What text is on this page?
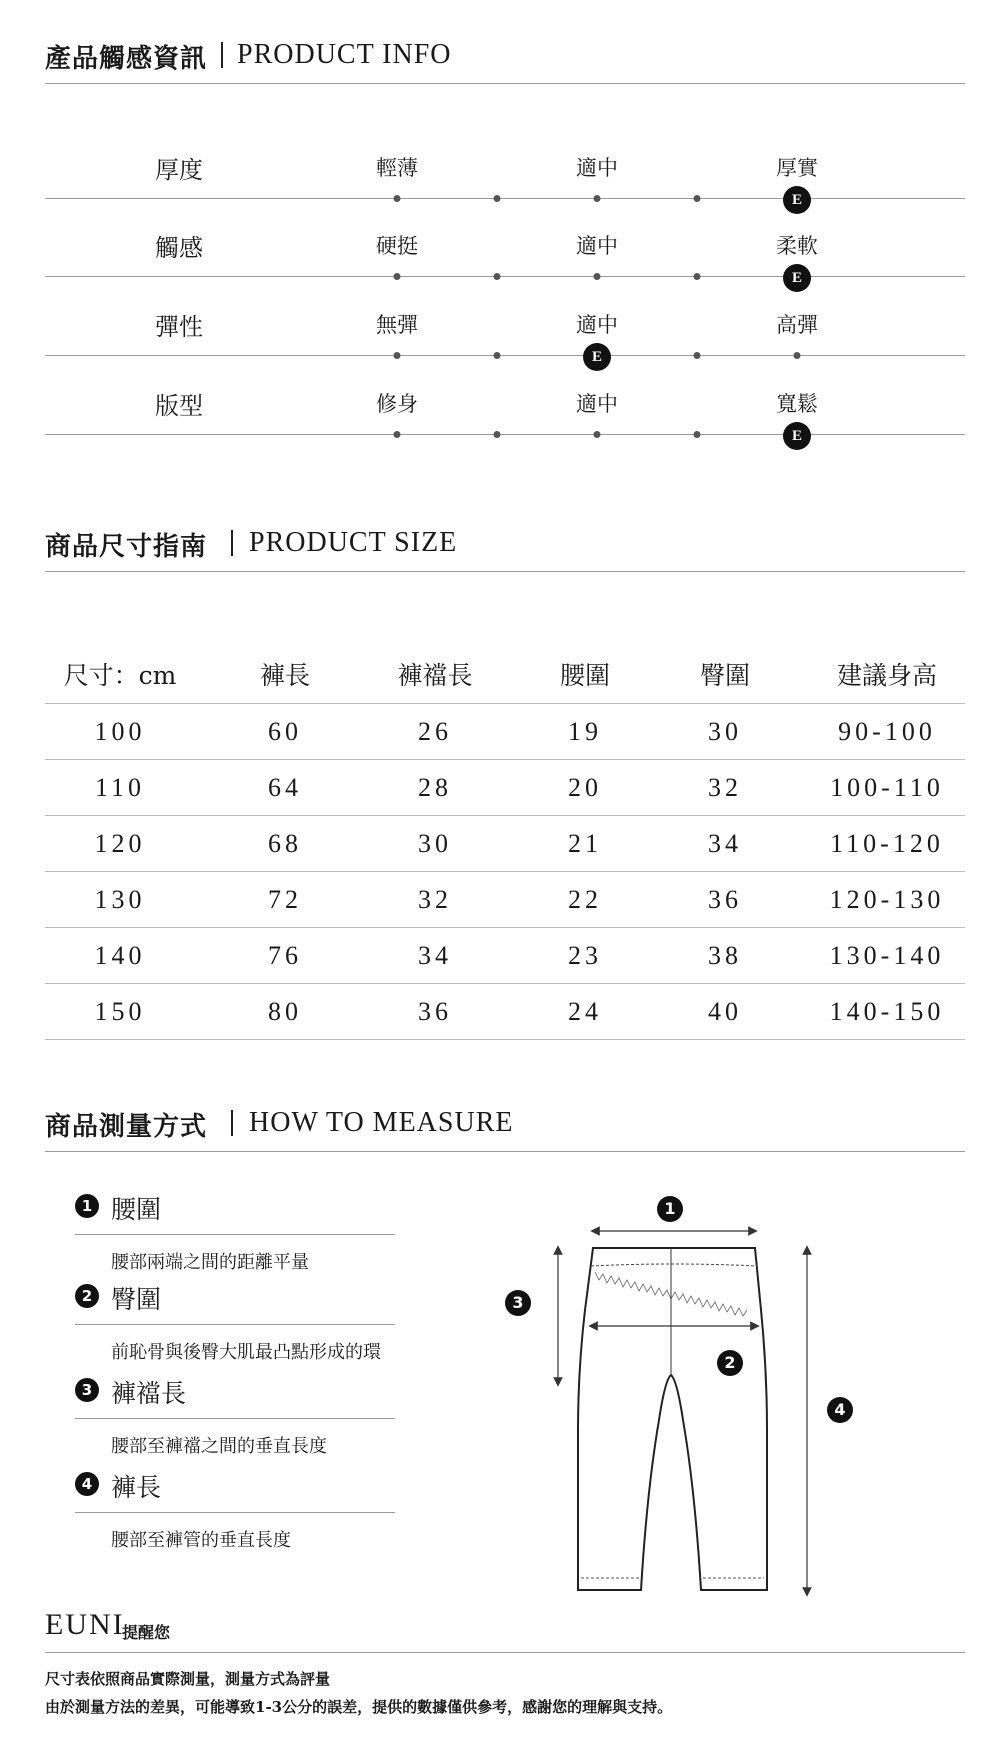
產品觸感資訊 PRODUCT INFO
厚度	輕薄	適中	厚實
E
觸感	硬挺	適中	柔軟
E
彈性	無彈	適中	高彈
E
版型	修身	適中	寬鬆
E
商品尺寸指南 PRODUCT SIZE
尺寸：cm	褲長	褲襠長	腰圍	臀圍	建議身高
100	60	26	19	30	90-100
110	64	28	20	32	100-110
120	68	30	21	34	110-120
130	72	32	22	36	120-130
140	76	34	23	38	130-140
150	80	36	24	40	140-150
商品測量方式 HOW TO MEASURE
1 腰圍
腰部兩端之間的距離平量
2 臀圍
前恥骨與後臀大肌最凸點形成的環
3 褲襠長
腰部至褲襠之間的垂直長度
4 褲長
腰部至褲管的垂直長度
1
2
3
4
EUNI
提醒您
尺寸表依照商品實際測量，測量方式為評量
由於測量方法的差異，可能導致1-3公分的誤差，提供的數據僅供參考，感謝您的理解與支持。
